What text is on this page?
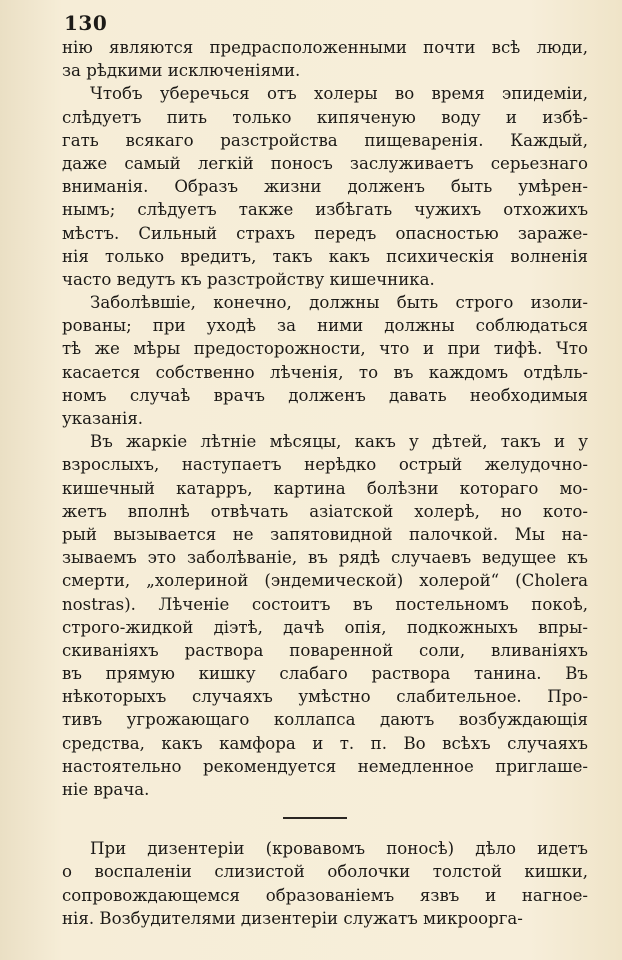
130
нію являются предрасположенными почти всѣ люди,
за рѣдкими исключеніями.
Чтобъ уберечься отъ холеры во время эпидеміи,
слѣдуетъ пить только кипяченую воду и избѣ-
гать всякаго разстройства пищеваренія. Каждый,
даже самый легкій поносъ заслуживаетъ серьезнаго
вниманія. Образъ жизни долженъ быть умѣрен-
нымъ; слѣдуетъ также избѣгать чужихъ отхожихъ
мѣстъ. Сильный страхъ передъ опасностью зараже-
нія только вредитъ, такъ какъ психическія волненія
часто ведутъ къ разстройству кишечника.
Заболѣвшіе, конечно, должны быть строго изоли-
рованы; при уходѣ за ними должны соблюдаться
тѣ же мѣры предосторожности, что и при тифѣ. Что
касается собственно лѣченія, то въ каждомъ отдѣль-
номъ случаѣ врачъ долженъ давать необходимыя
указанія.
Въ жаркіе лѣтніе мѣсяцы, какъ у дѣтей, такъ и у
взрослыхъ, наступаетъ нерѣдко острый желудочно-
кишечный катарръ, картина болѣзни котораго мо-
жетъ вполнѣ отвѣчать азіатской холерѣ, но кото-
рый вызывается не запятовидной палочкой. Мы на-
зываемъ это заболѣваніе, въ рядѣ случаевъ ведущее къ
смерти, „холериной (эндемической) холерой“ (Cholera
nostras). Лѣченіе состоитъ въ постельномъ покоѣ,
строго-жидкой діэтѣ, дачѣ опія, подкожныхъ впры-
скиваніяхъ раствора поваренной соли, вливаніяхъ
въ прямую кишку слабаго раствора танина. Въ
нѣкоторыхъ случаяхъ умѣстно слабительное. Про-
тивъ угрожающаго коллапса даютъ возбуждающія
средства, какъ камфора и т. п. Во всѣхъ случаяхъ
настоятельно рекомендуется немедленное приглаше-
ніе врача.
При дизентеріи (кровавомъ поносѣ) дѣло идетъ
о воспаленіи слизистой оболочки толстой кишки,
сопровождающемся образованіемъ язвъ и нагное-
нія. Возбудителями дизентеріи служатъ микроорга-
